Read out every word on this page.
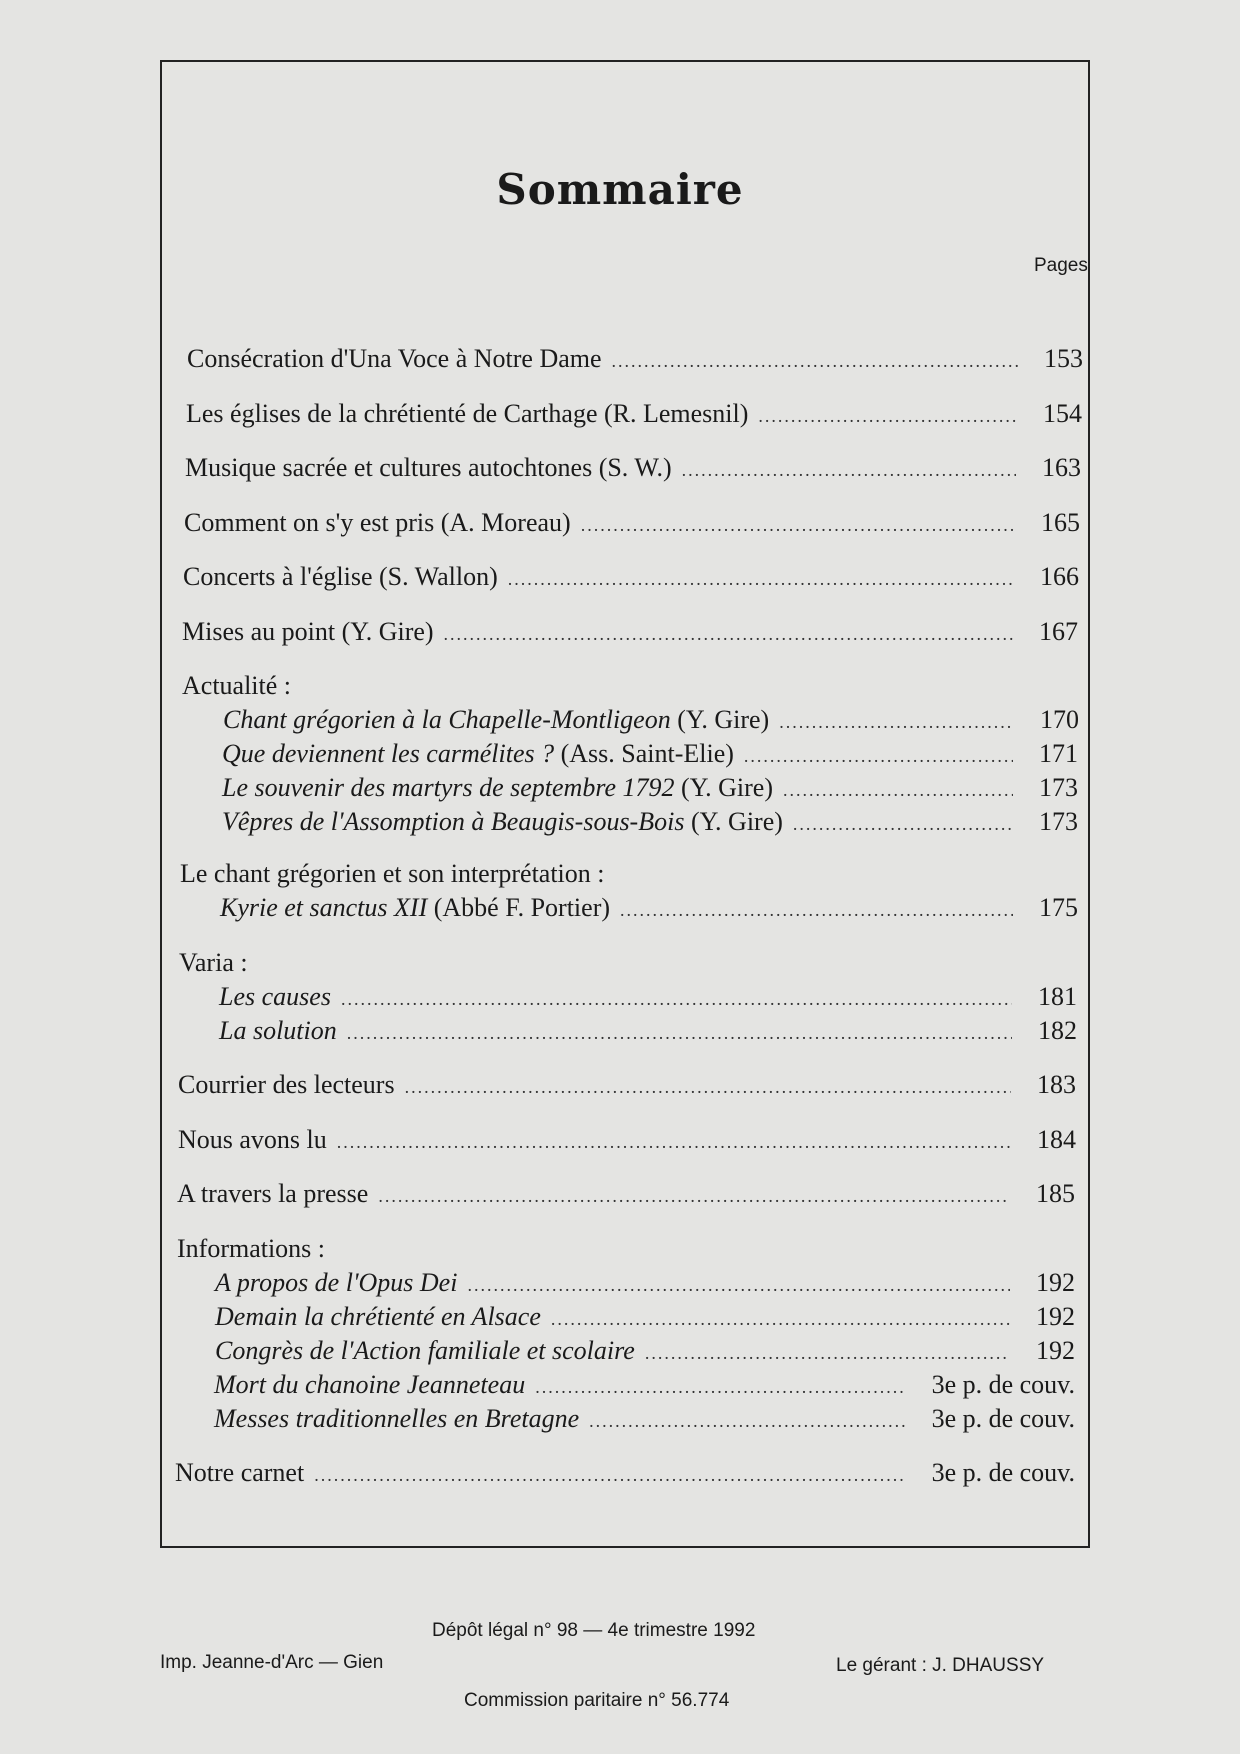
Sommaire
Pages
Consécration d'Una Voce à Notre Dame .....	153
Les églises de la chrétienté de Carthage (R. Lemesnil) .....	154
Musique sacrée et cultures autochtones (S. W.) .....	163
Comment on s'y est pris (A. Moreau) .....	165
Concerts à l'église (S. Wallon) .....	166
Mises au point (Y. Gire) .....	167
Actualité :
Chant grégorien à la Chapelle-Montligeon (Y. Gire) .....	170
Que deviennent les carmélites ? (Ass. Saint-Elie) .....	171
Le souvenir des martyrs de septembre 1792 (Y. Gire) .....	173
Vêpres de l'Assomption à Beaugis-sous-Bois (Y. Gire) .....	173
Le chant grégorien et son interprétation :
Kyrie et sanctus XII (Abbé F. Portier) .....	175
Varia :
Les causes .....	181
La solution .....	182
Courrier des lecteurs .....	183
Nous avons lu .....	184
A travers la presse .....	185
Informations :
A propos de l'Opus Dei .....	192
Demain la chrétienté en Alsace .....	192
Congrès de l'Action familiale et scolaire .....	192
Mort du chanoine Jeanneteau .....	3e p. de couv.
Messes traditionnelles en Bretagne .....	3e p. de couv.
Notre carnet .....	3e p. de couv.
Dépôt légal n° 98 — 4e trimestre 1992
Imp. Jeanne-d'Arc — Gien	Le gérant : J. DHAUSSY
Commission paritaire n° 56.774
